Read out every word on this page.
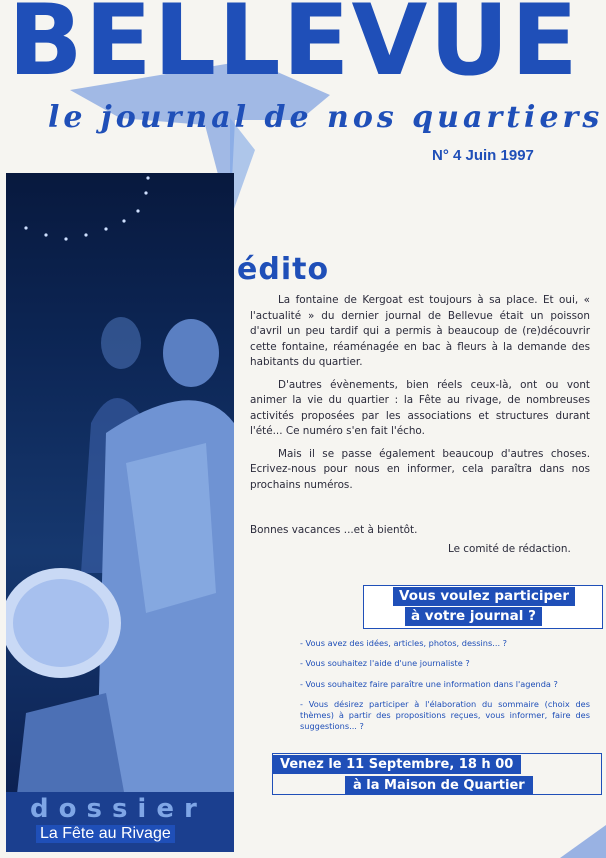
BELLEVUE
le journal de nos quartiers
N° 4 Juin 1997
édito

La fontaine de Kergoat est toujours à sa place. Et oui, « l'actualité » du dernier journal de Bellevue était un poisson d'avril un peu tardif qui a permis à beaucoup de (re)découvrir cette fontaine, réaménagée en bac à fleurs à la demande des habitants du quartier.

D'autres évènements, bien réels ceux-là, ont ou vont animer la vie du quartier : la Fête au rivage, de nombreuses activités proposées par les associations et structures durant l'été... Ce numéro s'en fait l'écho.

Mais il se passe également beaucoup d'autres choses. Ecrivez-nous pour nous en informer, cela paraîtra dans nos prochains numéros.

Bonnes vacances ...et à bientôt.
Le comité de rédaction.
Vous voulez participer
à votre journal ?
- Vous avez des idées, articles, photos, dessins... ?
- Vous souhaitez l'aide d'une journaliste ?
- Vous souhaitez faire paraître une information dans l'agenda ?
- Vous désirez participer à l'élaboration du sommaire (choix des thèmes) à partir des propositions reçues, vous informer, faire des suggestions... ?
Venez le 11 Septembre, 18 h 00
à la Maison de Quartier
dossier
La Fête au Rivage
